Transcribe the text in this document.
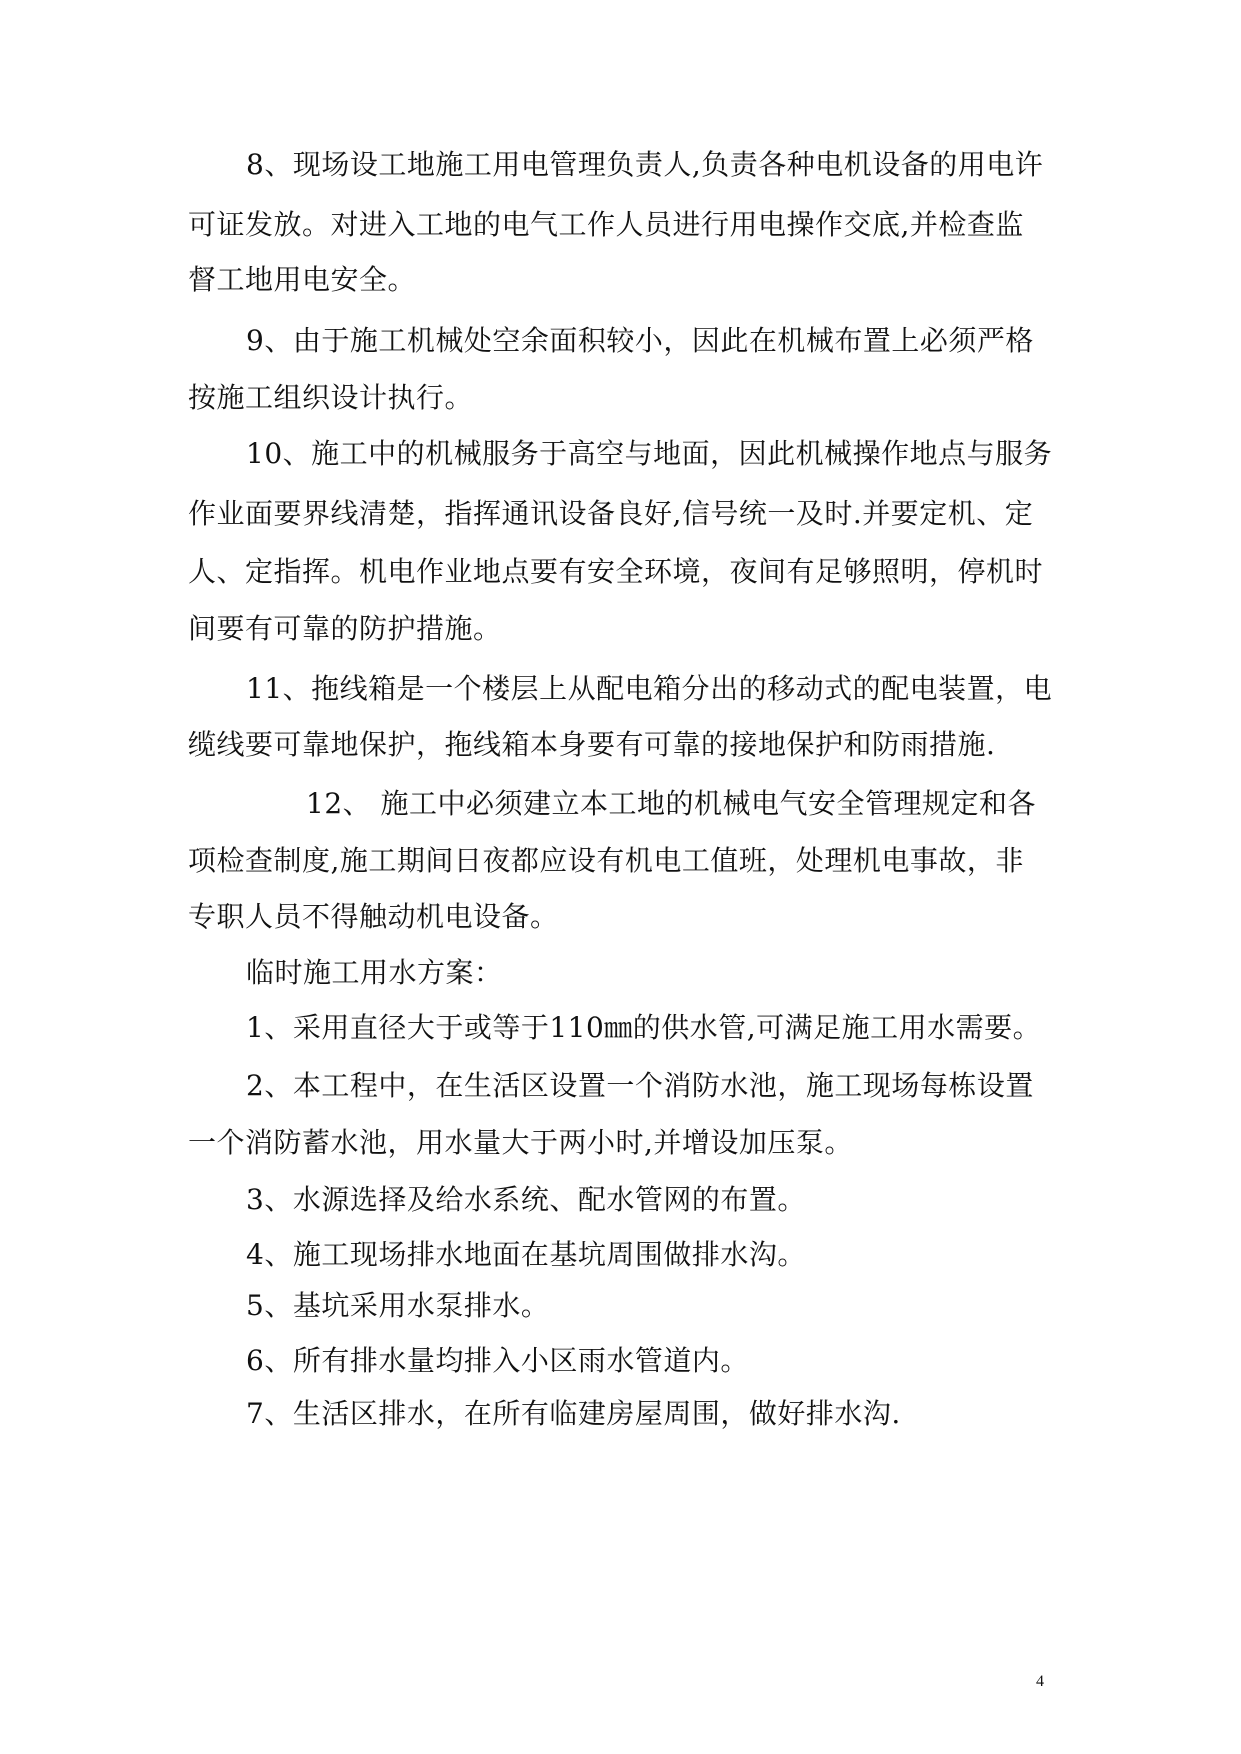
8、现场设工地施工用电管理负责人,负责各种电机设备的用电许
可证发放。对进入工地的电气工作人员进行用电操作交底,并检查监
督工地用电安全。
9、由于施工机械处空余面积较小，因此在机械布置上必须严格
按施工组织设计执行。
10、施工中的机械服务于高空与地面，因此机械操作地点与服务
作业面要界线清楚，指挥通讯设备良好,信号统一及时.并要定机、定
人、定指挥。机电作业地点要有安全环境，夜间有足够照明，停机时
间要有可靠的防护措施。
11、拖线箱是一个楼层上从配电箱分出的移动式的配电装置，电
缆线要可靠地保护，拖线箱本身要有可靠的接地保护和防雨措施.
12、 施工中必须建立本工地的机械电气安全管理规定和各
项检查制度,施工期间日夜都应设有机电工值班，处理机电事故，非
专职人员不得触动机电设备。
临时施工用水方案：
1、采用直径大于或等于110㎜的供水管,可满足施工用水需要。
2、本工程中，在生活区设置一个消防水池，施工现场每栋设置
一个消防蓄水池，用水量大于两小时,并增设加压泵。
3、水源选择及给水系统、配水管网的布置。
4、施工现场排水地面在基坑周围做排水沟。
5、基坑采用水泵排水。
6、所有排水量均排入小区雨水管道内。
7、生活区排水，在所有临建房屋周围，做好排水沟.
4
